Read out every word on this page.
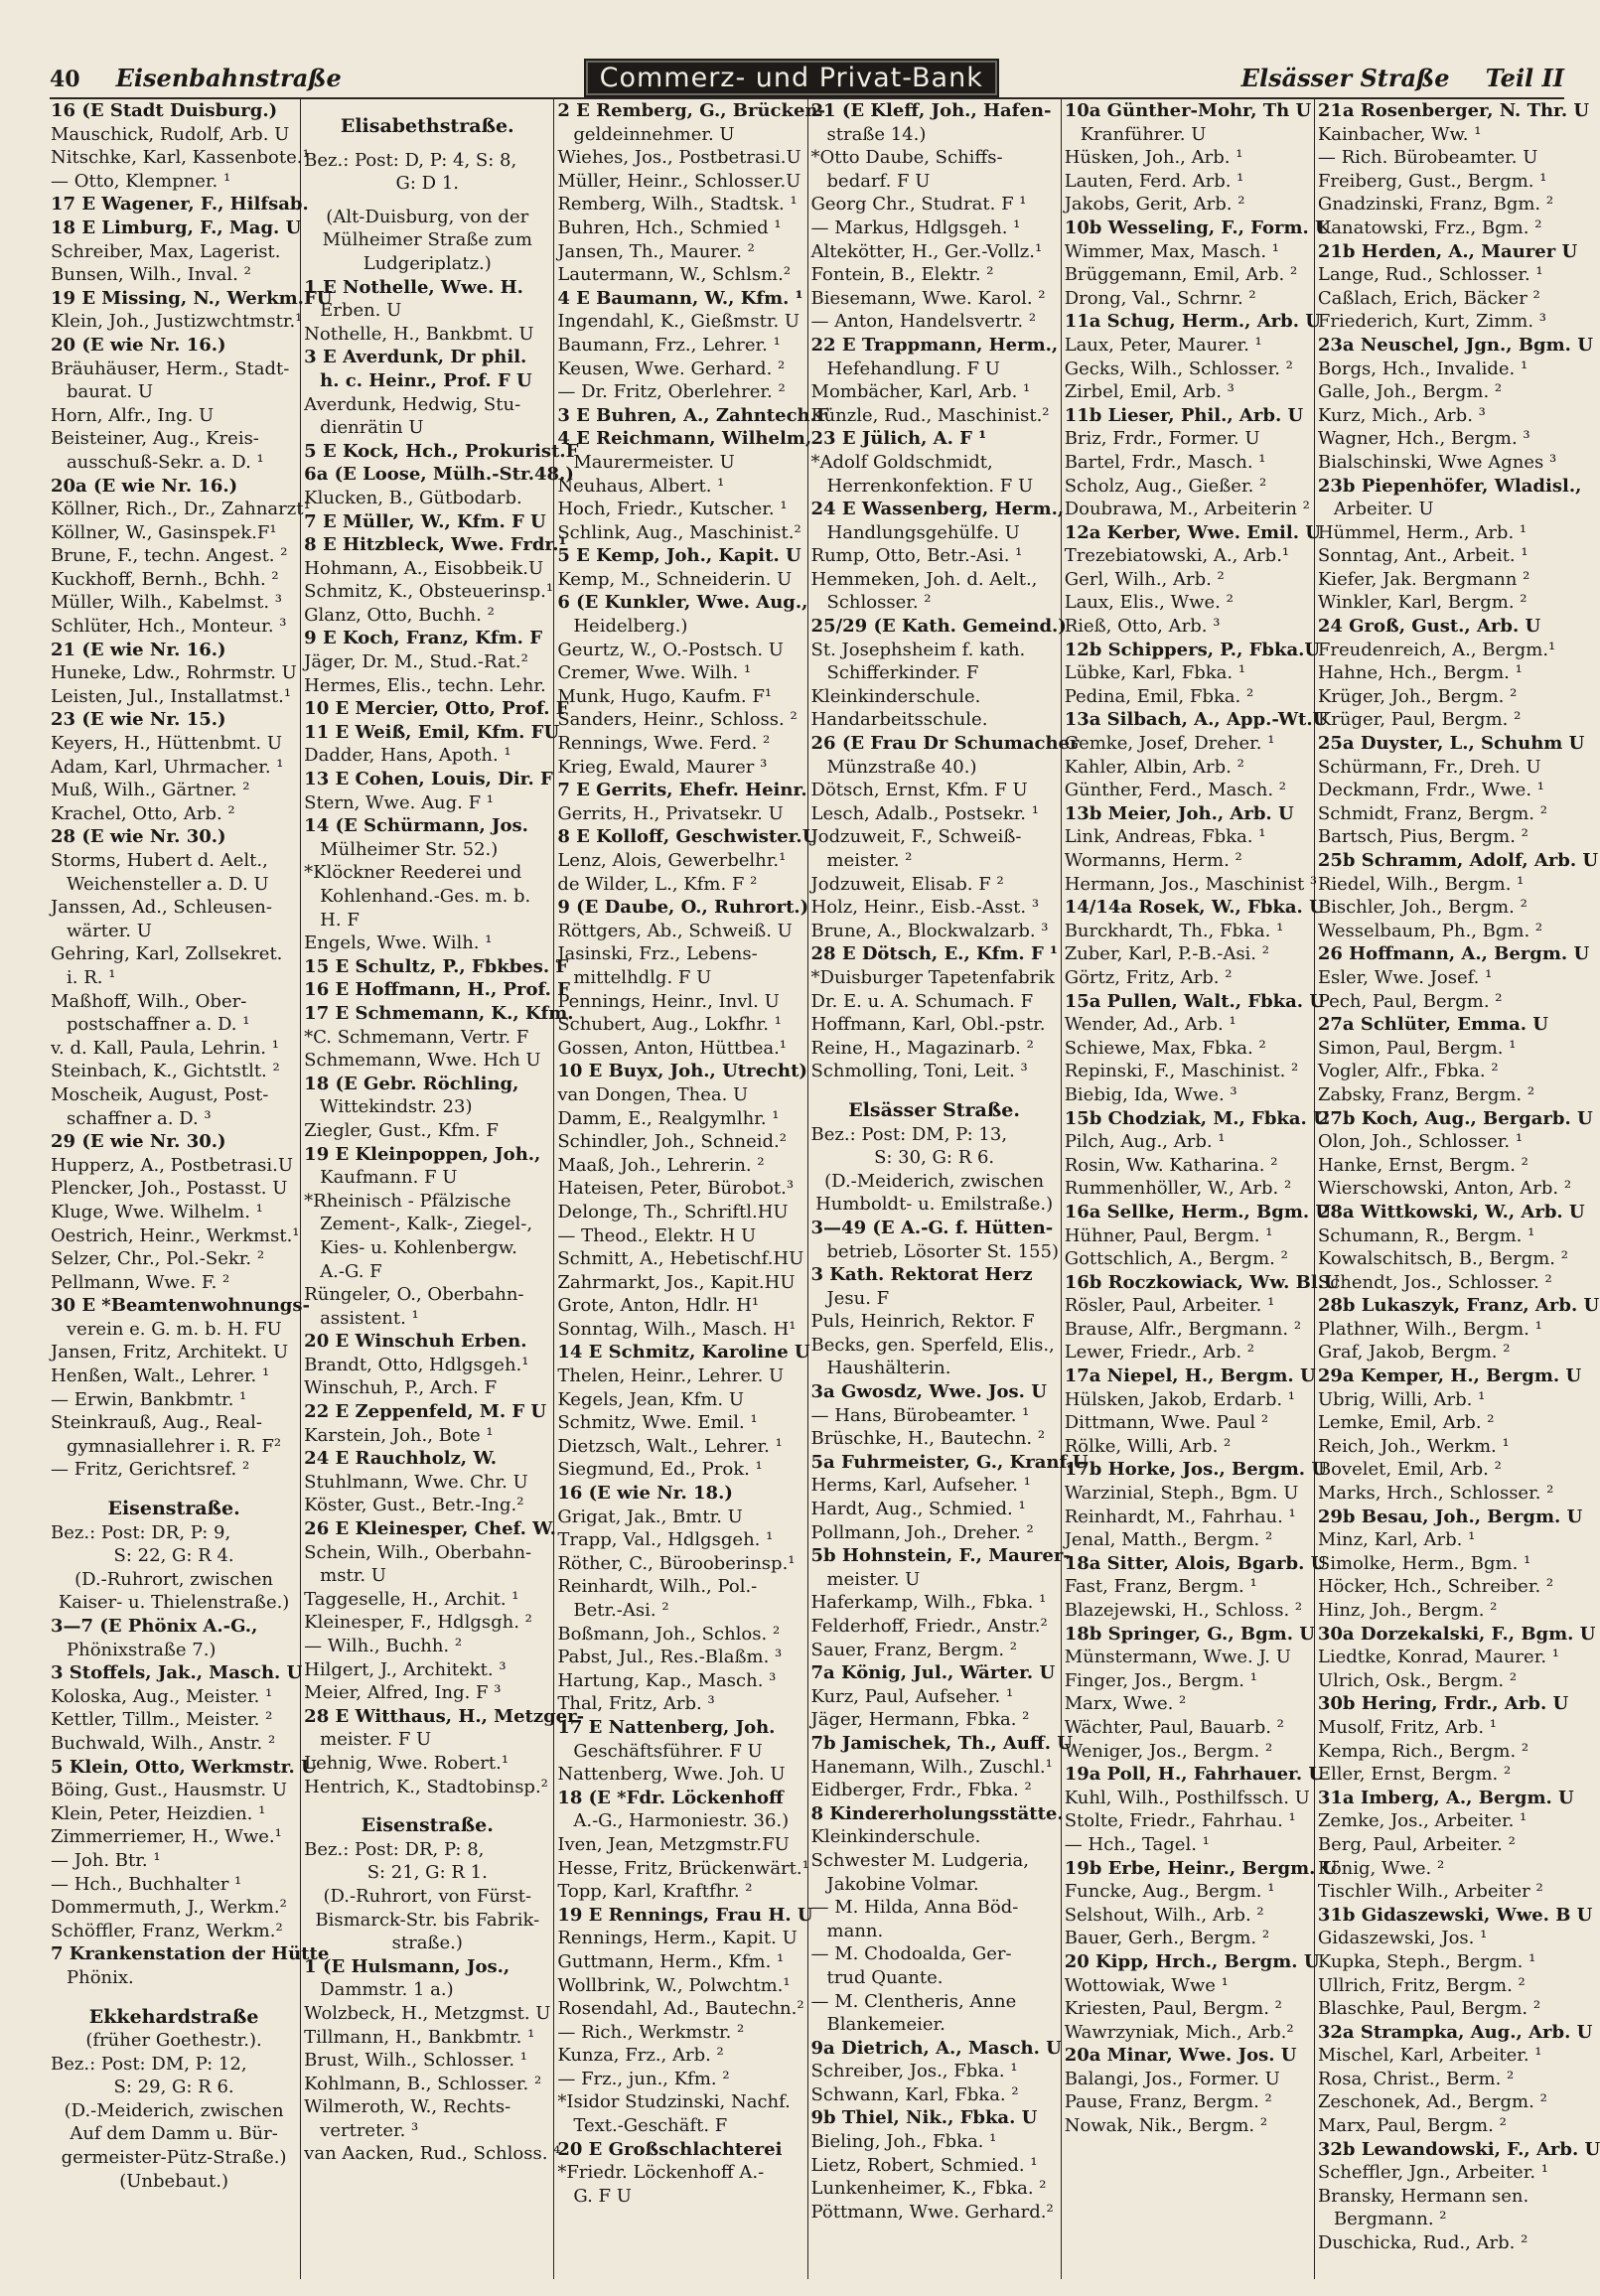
40 Eisenbahnstraße	Commerz- und Privat-Bank	Elsässer Straße Teil II
16 (E Stadt Duisburg.)
Mauschick, Rudolf, Arb. U
Nitschke, Karl, Kassenbote.¹
— Otto, Klempner. ¹
17 E Wagener, F., Hilfsab.
18 E Limburg, F., Mag. U
Schreiber, Max, Lagerist.
Bunsen, Wilh., Inval. ²
19 E Missing, N., Werkm.FU
Klein, Joh., Justizwchtmstr.¹
20 (E wie Nr. 16.)
Bräuhäuser, Herm., Stadt-
baurat. U
Horn, Alfr., Ing. U
Beisteiner, Aug., Kreis-
ausschuß-Sekr. a. D. ¹
20a (E wie Nr. 16.)
Köllner, Rich., Dr., Zahnarzt¹
Köllner, W., Gasinspek.F¹
Brune, F., techn. Angest. ²
Kuckhoff, Bernh., Bchh. ²
Müller, Wilh., Kabelmst. ³
Schlüter, Hch., Monteur. ³
21 (E wie Nr. 16.)
Huneke, Ldw., Rohrmstr. U
Leisten, Jul., Installatmst.¹
23 (E wie Nr. 15.)
Keyers, H., Hüttenbmt. U
Adam, Karl, Uhrmacher. ¹
Muß, Wilh., Gärtner. ²
Krachel, Otto, Arb. ²
28 (E wie Nr. 30.)
Storms, Hubert d. Aelt.,
Weichensteller a. D. U
Janssen, Ad., Schleusen-
wärter. U
Gehring, Karl, Zollsekret.
i. R. ¹
Maßhoff, Wilh., Ober-
postschaffner a. D. ¹
v. d. Kall, Paula, Lehrin. ¹
Steinbach, K., Gichtstlt. ²
Moscheik, August, Post-
schaffner a. D. ³
29 (E wie Nr. 30.)
Hupperz, A., Postbetrasi.U
Plencker, Joh., Postasst. U
Kluge, Wwe. Wilhelm. ¹
Oestrich, Heinr., Werkmst.¹
Selzer, Chr., Pol.-Sekr. ²
Pellmann, Wwe. F. ²
30 E *Beamtenwohnungs-
verein e. G. m. b. H. FU
Jansen, Fritz, Architekt. U
Henßen, Walt., Lehrer. ¹
— Erwin, Bankbmtr. ¹
Steinkrauß, Aug., Real-
gymnasiallehrer i. R. F²
— Fritz, Gerichtsref. ²
Eisenstraße.
Bez.: Post: DR, P: 9,
S: 22, G: R 4.
(D.-Ruhrort, zwischen
Kaiser- u. Thielenstraße.)
3—7 (E Phönix A.-G.,
Phönixstraße 7.)
3 Stoffels, Jak., Masch. U
Koloska, Aug., Meister. ¹
Kettler, Tillm., Meister. ²
Buchwald, Wilh., Anstr. ²
5 Klein, Otto, Werkmstr. U
Böing, Gust., Hausmstr. U
Klein, Peter, Heizdien. ¹
Zimmerriemer, H., Wwe.¹
— Joh. Btr. ¹
— Hch., Buchhalter ¹
Dommermuth, J., Werkm.²
Schöffler, Franz, Werkm.²
7 Krankenstation der Hütte
Phönix.
Ekkehardstraße
(früher Goethestr.).
Bez.: Post: DM, P: 12,
S: 29, G: R 6.
(D.-Meiderich, zwischen
Auf dem Damm u. Bür-
germeister-Pütz-Straße.)
(Unbebaut.)
Elisabethstraße.
Bez.: Post: D, P: 4, S: 8,
G: D 1.
(Alt-Duisburg, von der
Mülheimer Straße zum
Ludgeriplatz.)
1 E Nothelle, Wwe. H.
Erben. U
Nothelle, H., Bankbmt. U
3 E Averdunk, Dr phil.
h. c. Heinr., Prof. F U
Averdunk, Hedwig, Stu-
dienrätin U
5 E Kock, Hch., Prokurist.F
6a (E Loose, Mülh.-Str.48.)
Klucken, B., Gütbodarb.
7 E Müller, W., Kfm. F U
8 E Hitzbleck, Wwe. Frdr.¹
Hohmann, A., Eisobbeik.U
Schmitz, K., Obsteuerinsp.¹
Glanz, Otto, Buchh. ²
9 E Koch, Franz, Kfm. F
Jäger, Dr. M., Stud.-Rat.²
Hermes, Elis., techn. Lehr.
10 E Mercier, Otto, Prof. F
11 E Weiß, Emil, Kfm. FU
Dadder, Hans, Apoth. ¹
13 E Cohen, Louis, Dir. F
Stern, Wwe. Aug. F ¹
14 (E Schürmann, Jos.
Mülheimer Str. 52.)
*Klöckner Reederei und
Kohlenhand.-Ges. m. b.
H. F
Engels, Wwe. Wilh. ¹
15 E Schultz, P., Fbkbes. F
16 E Hoffmann, H., Prof. F
17 E Schmemann, K., Kfm.
*C. Schmemann, Vertr. F
Schmemann, Wwe. Hch U
18 (E Gebr. Röchling,
Wittekindstr. 23)
Ziegler, Gust., Kfm. F
19 E Kleinpoppen, Joh.,
Kaufmann. F U
*Rheinisch - Pfälzische
Zement-, Kalk-, Ziegel-,
Kies- u. Kohlenbergw.
A.-G. F
Rüngeler, O., Oberbahn-
assistent. ¹
20 E Winschuh Erben.
Brandt, Otto, Hdlgsgeh.¹
Winschuh, P., Arch. F
22 E Zeppenfeld, M. F U
Karstein, Joh., Bote ¹
24 E Rauchholz, W.
Stuhlmann, Wwe. Chr. U
Köster, Gust., Betr.-Ing.²
26 E Kleinesper, Chef. W.
Schein, Wilh., Oberbahn-
mstr. U
Taggeselle, H., Archit. ¹
Kleinesper, F., Hdlgsgh. ²
— Wilh., Buchh. ²
Hilgert, J., Architekt. ³
Meier, Alfred, Ing. F ³
28 E Witthaus, H., Metzger-
meister. F U
Lehnig, Wwe. Robert.¹
Hentrich, K., Stadtobinsp.²
Eisenstraße.
Bez.: Post: DR, P: 8,
S: 21, G: R 1.
(D.-Ruhrort, von Fürst-
Bismarck-Str. bis Fabrik-
straße.)
1 (E Hulsmann, Jos.,
Dammstr. 1 a.)
Wolzbeck, H., Metzgmst. U
Tillmann, H., Bankbmtr. ¹
Brust, Wilh., Schlosser. ¹
Kohlmann, B., Schlosser. ²
Wilmeroth, W., Rechts-
vertreter. ³
van Aacken, Rud., Schloss. ⁴
2 E Remberg, G., Brücken-
geldeinnehmer. U
Wiehes, Jos., Postbetrasi.U
Müller, Heinr., Schlosser.U
Remberg, Wilh., Stadtsk. ¹
Buhren, Hch., Schmied ¹
Jansen, Th., Maurer. ²
Lautermann, W., Schlsm.²
4 E Baumann, W., Kfm. ¹
Ingendahl, K., Gießmstr. U
Baumann, Frz., Lehrer. ¹
Keusen, Wwe. Gerhard. ²
— Dr. Fritz, Oberlehrer. ²
3 E Buhren, A., Zahntech.F
4 E Reichmann, Wilhelm,
Maurermeister. U
Neuhaus, Albert. ¹
Hoch, Friedr., Kutscher. ¹
Schlink, Aug., Maschinist.²
5 E Kemp, Joh., Kapit. U
Kemp, M., Schneiderin. U
6 (E Kunkler, Wwe. Aug.,
Heidelberg.)
Geurtz, W., O.-Postsch. U
Cremer, Wwe. Wilh. ¹
Munk, Hugo, Kaufm. F¹
Sanders, Heinr., Schloss. ²
Rennings, Wwe. Ferd. ²
Krieg, Ewald, Maurer ³
7 E Gerrits, Ehefr. Heinr.
Gerrits, H., Privatsekr. U
8 E Kolloff, Geschwister.U
Lenz, Alois, Gewerbelhr.¹
de Wilder, L., Kfm. F ²
9 (E Daube, O., Ruhrort.)
Röttgers, Ab., Schweiß. U
Jasinski, Frz., Lebens-
mittelhdlg. F U
Pennings, Heinr., Invl. U
Schubert, Aug., Lokfhr. ¹
Gossen, Anton, Hüttbea.¹
10 E Buyx, Joh., Utrecht)
van Dongen, Thea. U
Damm, E., Realgymlhr. ¹
Schindler, Joh., Schneid.²
Maaß, Joh., Lehrerin. ²
Hateisen, Peter, Bürobot.³
Delonge, Th., Schriftl.HU
— Theod., Elektr. H U
Schmitt, A., Hebetischf.HU
Zahrmarkt, Jos., Kapit.HU
Grote, Anton, Hdlr. H¹
Sonntag, Wilh., Masch. H¹
14 E Schmitz, Karoline U
Thelen, Heinr., Lehrer. U
Kegels, Jean, Kfm. U
Schmitz, Wwe. Emil. ¹
Dietzsch, Walt., Lehrer. ¹
Siegmund, Ed., Prok. ¹
16 (E wie Nr. 18.)
Grigat, Jak., Bmtr. U
Trapp, Val., Hdlgsgeh. ¹
Röther, C., Bürooberinsp.¹
Reinhardt, Wilh., Pol.-
Betr.-Asi. ²
Boßmann, Joh., Schlos. ²
Pabst, Jul., Res.-Blaßm. ³
Hartung, Kap., Masch. ³
Thal, Fritz, Arb. ³
17 E Nattenberg, Joh.
Geschäftsführer. F U
Nattenberg, Wwe. Joh. U
18 (E *Fdr. Löckenhoff
A.-G., Harmoniestr. 36.)
Iven, Jean, Metzgmstr.FU
Hesse, Fritz, Brückenwärt.¹
Topp, Karl, Kraftfhr. ²
19 E Rennings, Frau H. U
Rennings, Herm., Kapit. U
Guttmann, Herm., Kfm. ¹
Wollbrink, W., Polwchtm.¹
Rosendahl, Ad., Bautechn.²
— Rich., Werkmstr. ²
Kunza, Frz., Arb. ²
— Frz., jun., Kfm. ²
*Isidor Studzinski, Nachf.
Text.-Geschäft. F
20 E Großschlachterei
*Friedr. Löckenhoff A.-
G. F U
21 (E Kleff, Joh., Hafen-
straße 14.)
*Otto Daube, Schiffs-
bedarf. F U
Georg Chr., Studrat. F ¹
— Markus, Hdlgsgeh. ¹
Altekötter, H., Ger.-Vollz.¹
Fontein, B., Elektr. ²
Biesemann, Wwe. Karol. ²
— Anton, Handelsvertr. ²
22 E Trappmann, Herm.,
Hefehandlung. F U
Mombächer, Karl, Arb. ¹
Künzle, Rud., Maschinist.²
23 E Jülich, A. F ¹
*Adolf Goldschmidt,
Herrenkonfektion. F U
24 E Wassenberg, Herm.,
Handlungsgehülfe. U
Rump, Otto, Betr.-Asi. ¹
Hemmeken, Joh. d. Aelt.,
Schlosser. ²
25/29 (E Kath. Gemeind.)
St. Josephsheim f. kath.
Schifferkinder. F
Kleinkinderschule.
Handarbeitsschule.
26 (E Frau Dr Schumacher
Münzstraße 40.)
Dötsch, Ernst, Kfm. F U
Lesch, Adalb., Postsekr. ¹
Jodzuweit, F., Schweiß-
meister. ²
Jodzuweit, Elisab. F ²
Holz, Heinr., Eisb.-Asst. ³
Brune, A., Blockwalzarb. ³
28 E Dötsch, E., Kfm. F ¹
*Duisburger Tapetenfabrik
Dr. E. u. A. Schumach. F
Hoffmann, Karl, Obl.-pstr.
Reine, H., Magazinarb. ²
Schmolling, Toni, Leit. ³
Elsässer Straße.
Bez.: Post: DM, P: 13,
S: 30, G: R 6.
(D.-Meiderich, zwischen
Humboldt- u. Emilstraße.)
3—49 (E A.-G. f. Hütten-
betrieb, Lösorter St. 155)
3 Kath. Rektorat Herz
Jesu. F
Puls, Heinrich, Rektor. F
Becks, gen. Sperfeld, Elis.,
Haushälterin.
3a Gwosdz, Wwe. Jos. U
— Hans, Bürobeamter. ¹
Brüschke, H., Bautechn. ²
5a Fuhrmeister, G., Kranf.U
Herms, Karl, Aufseher. ¹
Hardt, Aug., Schmied. ¹
Pollmann, Joh., Dreher. ²
5b Hohnstein, F., Maurer-
meister. U
Haferkamp, Wilh., Fbka. ¹
Felderhoff, Friedr., Anstr.²
Sauer, Franz, Bergm. ²
7a König, Jul., Wärter. U
Kurz, Paul, Aufseher. ¹
Jäger, Hermann, Fbka. ²
7b Jamischek, Th., Auff. U
Hanemann, Wilh., Zuschl.¹
Eidberger, Frdr., Fbka. ²
8 Kindererholungsstätte.
Kleinkinderschule.
Schwester M. Ludgeria,
Jakobine Volmar.
— M. Hilda, Anna Böd-
mann.
— M. Chodoalda, Ger-
trud Quante.
— M. Clentheris, Anne
Blankemeier.
9a Dietrich, A., Masch. U
Schreiber, Jos., Fbka. ¹
Schwann, Karl, Fbka. ²
9b Thiel, Nik., Fbka. U
Bieling, Joh., Fbka. ¹
Lietz, Robert, Schmied. ¹
Lunkenheimer, K., Fbka. ²
Pöttmann, Wwe. Gerhard.²
10a Günther-Mohr, Th U
Kranführer. U
Hüsken, Joh., Arb. ¹
Lauten, Ferd. Arb. ¹
Jakobs, Gerit, Arb. ²
10b Wesseling, F., Form. U
Wimmer, Max, Masch. ¹
Brüggemann, Emil, Arb. ²
Drong, Val., Schrnr. ²
11a Schug, Herm., Arb. U
Laux, Peter, Maurer. ¹
Gecks, Wilh., Schlosser. ²
Zirbel, Emil, Arb. ³
11b Lieser, Phil., Arb. U
Briz, Frdr., Former. U
Bartel, Frdr., Masch. ¹
Scholz, Aug., Gießer. ²
Doubrawa, M., Arbeiterin ²
12a Kerber, Wwe. Emil. U
Trezebiatowski, A., Arb.¹
Gerl, Wilh., Arb. ²
Laux, Elis., Wwe. ²
Rieß, Otto, Arb. ³
12b Schippers, P., Fbka.U
Lübke, Karl, Fbka. ¹
Pedina, Emil, Fbka. ²
13a Silbach, A., App.-Wt.U
Gemke, Josef, Dreher. ¹
Kahler, Albin, Arb. ²
Günther, Ferd., Masch. ²
13b Meier, Joh., Arb. U
Link, Andreas, Fbka. ¹
Wormanns, Herm. ²
Hermann, Jos., Maschinist ³
14/14a Rosek, W., Fbka. U
Burckhardt, Th., Fbka. ¹
Zuber, Karl, P.-B.-Asi. ²
Görtz, Fritz, Arb. ²
15a Pullen, Walt., Fbka. U
Wender, Ad., Arb. ¹
Schiewe, Max, Fbka. ²
Repinski, F., Maschinist. ²
Biebig, Ida, Wwe. ³
15b Chodziak, M., Fbka. U
Pilch, Aug., Arb. ¹
Rosin, Ww. Katharina. ²
Rummenhöller, W., Arb. ²
16a Sellke, Herm., Bgm. U
Hühner, Paul, Bergm. ¹
Gottschlich, A., Bergm. ²
16b Roczkowiack, Ww. Bl.U
Rösler, Paul, Arbeiter. ¹
Brause, Alfr., Bergmann. ²
Lewer, Friedr., Arb. ²
17a Niepel, H., Bergm. U
Hülsken, Jakob, Erdarb. ¹
Dittmann, Wwe. Paul ²
Rölke, Willi, Arb. ²
17b Horke, Jos., Bergm. U
Warzinial, Steph., Bgm. U
Reinhardt, M., Fahrhau. ¹
Jenal, Matth., Bergm. ²
18a Sitter, Alois, Bgarb. U
Fast, Franz, Bergm. ¹
Blazejewski, H., Schloss. ²
18b Springer, G., Bgm. U
Münstermann, Wwe. J. U
Finger, Jos., Bergm. ¹
Marx, Wwe. ²
Wächter, Paul, Bauarb. ²
Weniger, Jos., Bergm. ²
19a Poll, H., Fahrhauer. U
Kuhl, Wilh., Posthilfssch. U
Stolte, Friedr., Fahrhau. ¹
— Hch., Tagel. ¹
19b Erbe, Heinr., Bergm. U
Funcke, Aug., Bergm. ¹
Selshout, Wilh., Arb. ²
Bauer, Gerh., Bergm. ²
20 Kipp, Hrch., Bergm. U
Wottowiak, Wwe ¹
Kriesten, Paul, Bergm. ²
Wawrzyniak, Mich., Arb.²
20a Minar, Wwe. Jos. U
Balangi, Jos., Former. U
Pause, Franz, Bergm. ²
Nowak, Nik., Bergm. ²
21a Rosenberger, N. Thr. U
Kainbacher, Ww. ¹
— Rich. Bürobeamter. U
Freiberg, Gust., Bergm. ¹
Gnadzinski, Franz, Bgm. ²
Kanatowski, Frz., Bgm. ²
21b Herden, A., Maurer U
Lange, Rud., Schlosser. ¹
Caßlach, Erich, Bäcker ²
Friederich, Kurt, Zimm. ³
23a Neuschel, Jgn., Bgm. U
Borgs, Hch., Invalide. ¹
Galle, Joh., Bergm. ²
Kurz, Mich., Arb. ³
Wagner, Hch., Bergm. ³
Bialschinski, Wwe Agnes ³
23b Piepenhöfer, Wladisl.,
Arbeiter. U
Hümmel, Herm., Arb. ¹
Sonntag, Ant., Arbeit. ¹
Kiefer, Jak. Bergmann ²
Winkler, Karl, Bergm. ²
24 Groß, Gust., Arb. U
Freudenreich, A., Bergm.¹
Hahne, Hch., Bergm. ¹
Krüger, Joh., Bergm. ²
Krüger, Paul, Bergm. ²
25a Duyster, L., Schuhm U
Schürmann, Fr., Dreh. U
Deckmann, Frdr., Wwe. ¹
Schmidt, Franz, Bergm. ²
Bartsch, Pius, Bergm. ²
25b Schramm, Adolf, Arb. U
Riedel, Wilh., Bergm. ¹
Bischler, Joh., Bergm. ²
Wesselbaum, Ph., Bgm. ²
26 Hoffmann, A., Bergm. U
Esler, Wwe. Josef. ¹
Pech, Paul, Bergm. ²
27a Schlüter, Emma. U
Simon, Paul, Bergm. ¹
Vogler, Alfr., Fbka. ²
Zabsky, Franz, Bergm. ²
27b Koch, Aug., Bergarb. U
Olon, Joh., Schlosser. ¹
Hanke, Ernst, Bergm. ²
Wierschowski, Anton, Arb. ²
28a Wittkowski, W., Arb. U
Schumann, R., Bergm. ¹
Kowalschitsch, B., Bergm. ²
Schendt, Jos., Schlosser. ²
28b Lukaszyk, Franz, Arb. U
Plathner, Wilh., Bergm. ¹
Graf, Jakob, Bergm. ²
29a Kemper, H., Bergm. U
Ubrig, Willi, Arb. ¹
Lemke, Emil, Arb. ²
Reich, Joh., Werkm. ¹
Bovelet, Emil, Arb. ²
Marks, Hrch., Schlosser. ²
29b Besau, Joh., Bergm. U
Minz, Karl, Arb. ¹
Simolke, Herm., Bgm. ¹
Höcker, Hch., Schreiber. ²
Hinz, Joh., Bergm. ²
30a Dorzekalski, F., Bgm. U
Liedtke, Konrad, Maurer. ¹
Ulrich, Osk., Bergm. ²
30b Hering, Frdr., Arb. U
Musolf, Fritz, Arb. ¹
Kempa, Rich., Bergm. ²
Eller, Ernst, Bergm. ²
31a Imberg, A., Bergm. U
Zemke, Jos., Arbeiter. ¹
Berg, Paul, Arbeiter. ²
König, Wwe. ²
Tischler Wilh., Arbeiter ²
31b Gidaszewski, Wwe. B U
Gidaszewski, Jos. ¹
Kupka, Steph., Bergm. ¹
Ullrich, Fritz, Bergm. ²
Blaschke, Paul, Bergm. ²
32a Strampka, Aug., Arb. U
Mischel, Karl, Arbeiter. ¹
Rosa, Christ., Berm. ²
Zeschonek, Ad., Bergm. ²
Marx, Paul, Bergm. ²
32b Lewandowski, F., Arb. U
Scheffler, Jgn., Arbeiter. ¹
Bransky, Hermann sen.
Bergmann. ²
Duschicka, Rud., Arb. ²
